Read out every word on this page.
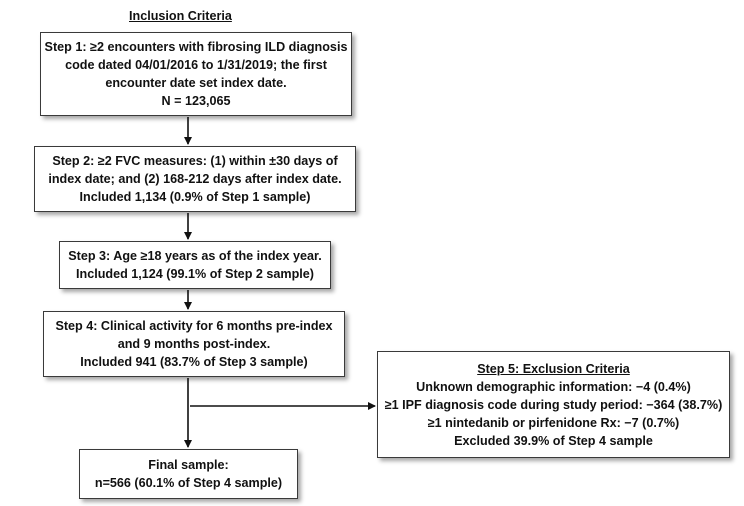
Inclusion Criteria
Step 1: ≥2 encounters with fibrosing ILD diagnosis
code dated 04/01/2016 to 1/31/2019; the first
encounter date set index date.
N = 123,065
Step 2: ≥2 FVC measures: (1) within ±30 days of
index date; and (2) 168-212 days after index date.
Included 1,134 (0.9% of Step 1 sample)
Step 3: Age ≥18 years as of the index year.
Included 1,124 (99.1% of Step 2 sample)
Step 4: Clinical activity for 6 months pre-index
and 9 months post-index.
Included 941 (83.7% of Step 3 sample)	Step 5: Exclusion Criteria
Unknown demographic information: −4 (0.4%)
≥1 IPF diagnosis code during study period: −364 (38.7%)
≥1 nintedanib or pirfenidone Rx: −7 (0.7%)
Excluded 39.9% of Step 4 sample
Final sample:
n=566 (60.1% of Step 4 sample)
